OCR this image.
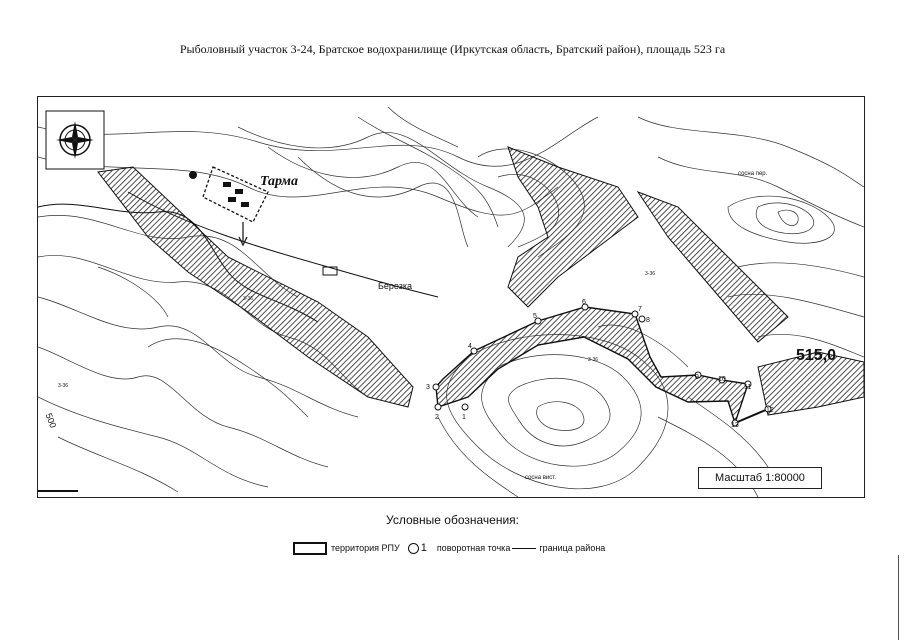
Рыболовный участок 3-24, Братское водохранилище (Иркутская область, Братский район), площадь 523 га
1
2
3
4
5
6
7
8
9	10
11
12
13
Тарма
Березка
3-36
3-36
3-36
3-36
сосна пер.
сосна вист.
515,0
500
Масштаб 1:80000
Условные обозначения:
территория РПУ 1 поворотная точка	граница района
